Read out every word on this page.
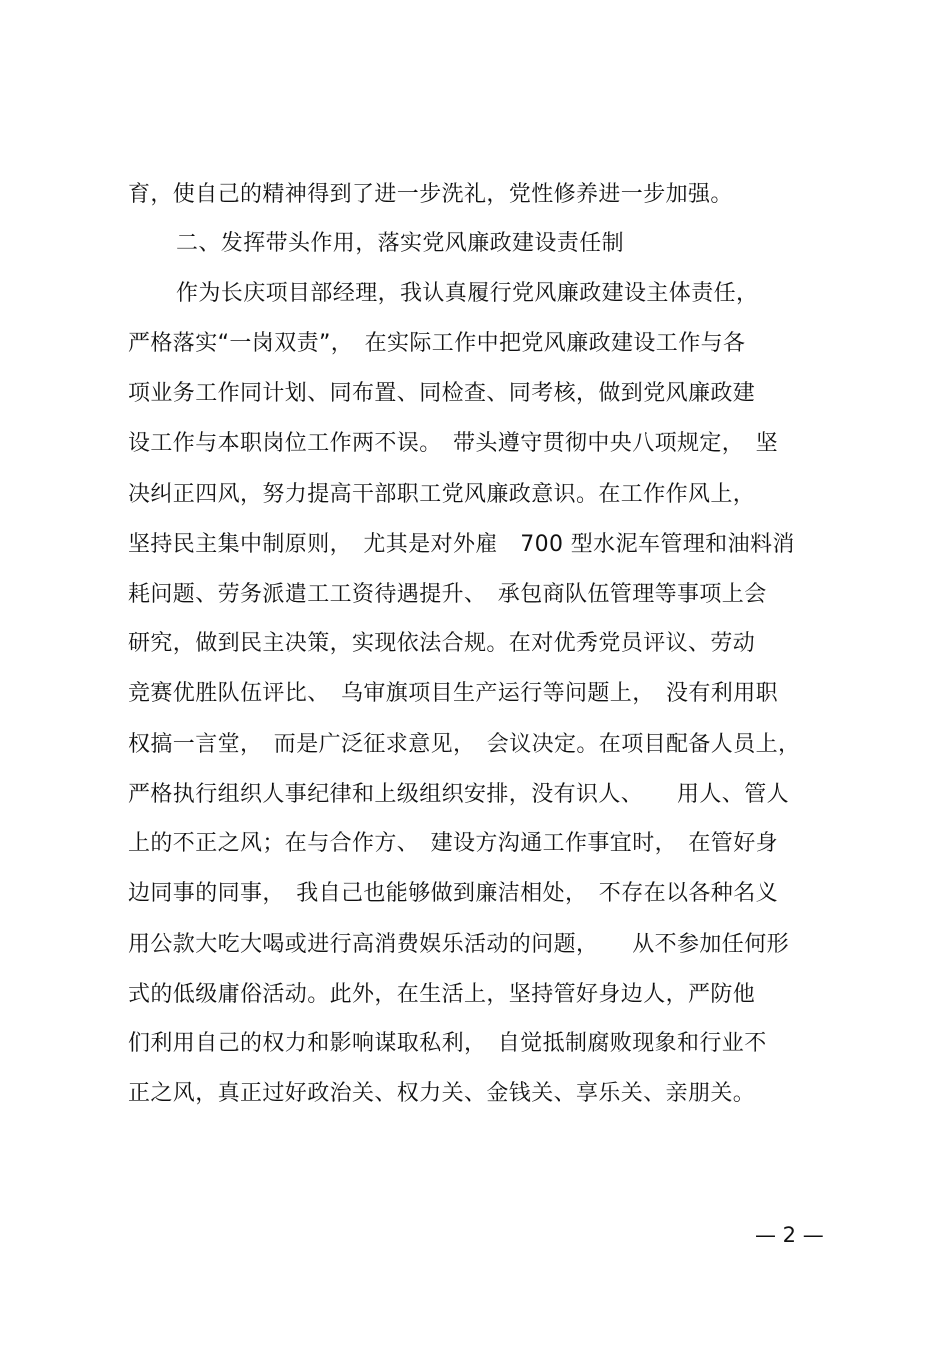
育，使自己的精神得到了进一步洗礼，党性修养进一步加强。
二、发挥带头作用，落实党风廉政建设责任制
作为长庆项目部经理，我认真履行党风廉政建设主体责任，
严格落实“一岗双责”，　在实际工作中把党风廉政建设工作与各
项业务工作同计划、同布置、同检查、同考核，做到党风廉政建
设工作与本职岗位工作两不误。　带头遵守贯彻中央八项规定，　坚
决纠正四风，努力提高干部职工党风廉政意识。在工作作风上，
坚持民主集中制原则，　尤其是对外雇　700 型水泥车管理和油料消
耗问题、劳务派遣工工资待遇提升、　承包商队伍管理等事项上会
研究，做到民主决策，实现依法合规。在对优秀党员评议、劳动
竞赛优胜队伍评比、　乌审旗项目生产运行等问题上，　没有利用职
权搞一言堂，　而是广泛征求意见，　会议决定。在项目配备人员上，
严格执行组织人事纪律和上级组织安排，没有识人、　　用人、管人
上的不正之风；在与合作方、　建设方沟通工作事宜时，　在管好身
边同事的同事，　我自己也能够做到廉洁相处，　不存在以各种名义
用公款大吃大喝或进行高消费娱乐活动的问题，　　从不参加任何形
式的低级庸俗活动。此外，在生活上，坚持管好身边人，严防他
们利用自己的权力和影响谋取私利，　自觉抵制腐败现象和行业不
正之风，真正过好政治关、权力关、金钱关、享乐关、亲朋关。
— 2 —
